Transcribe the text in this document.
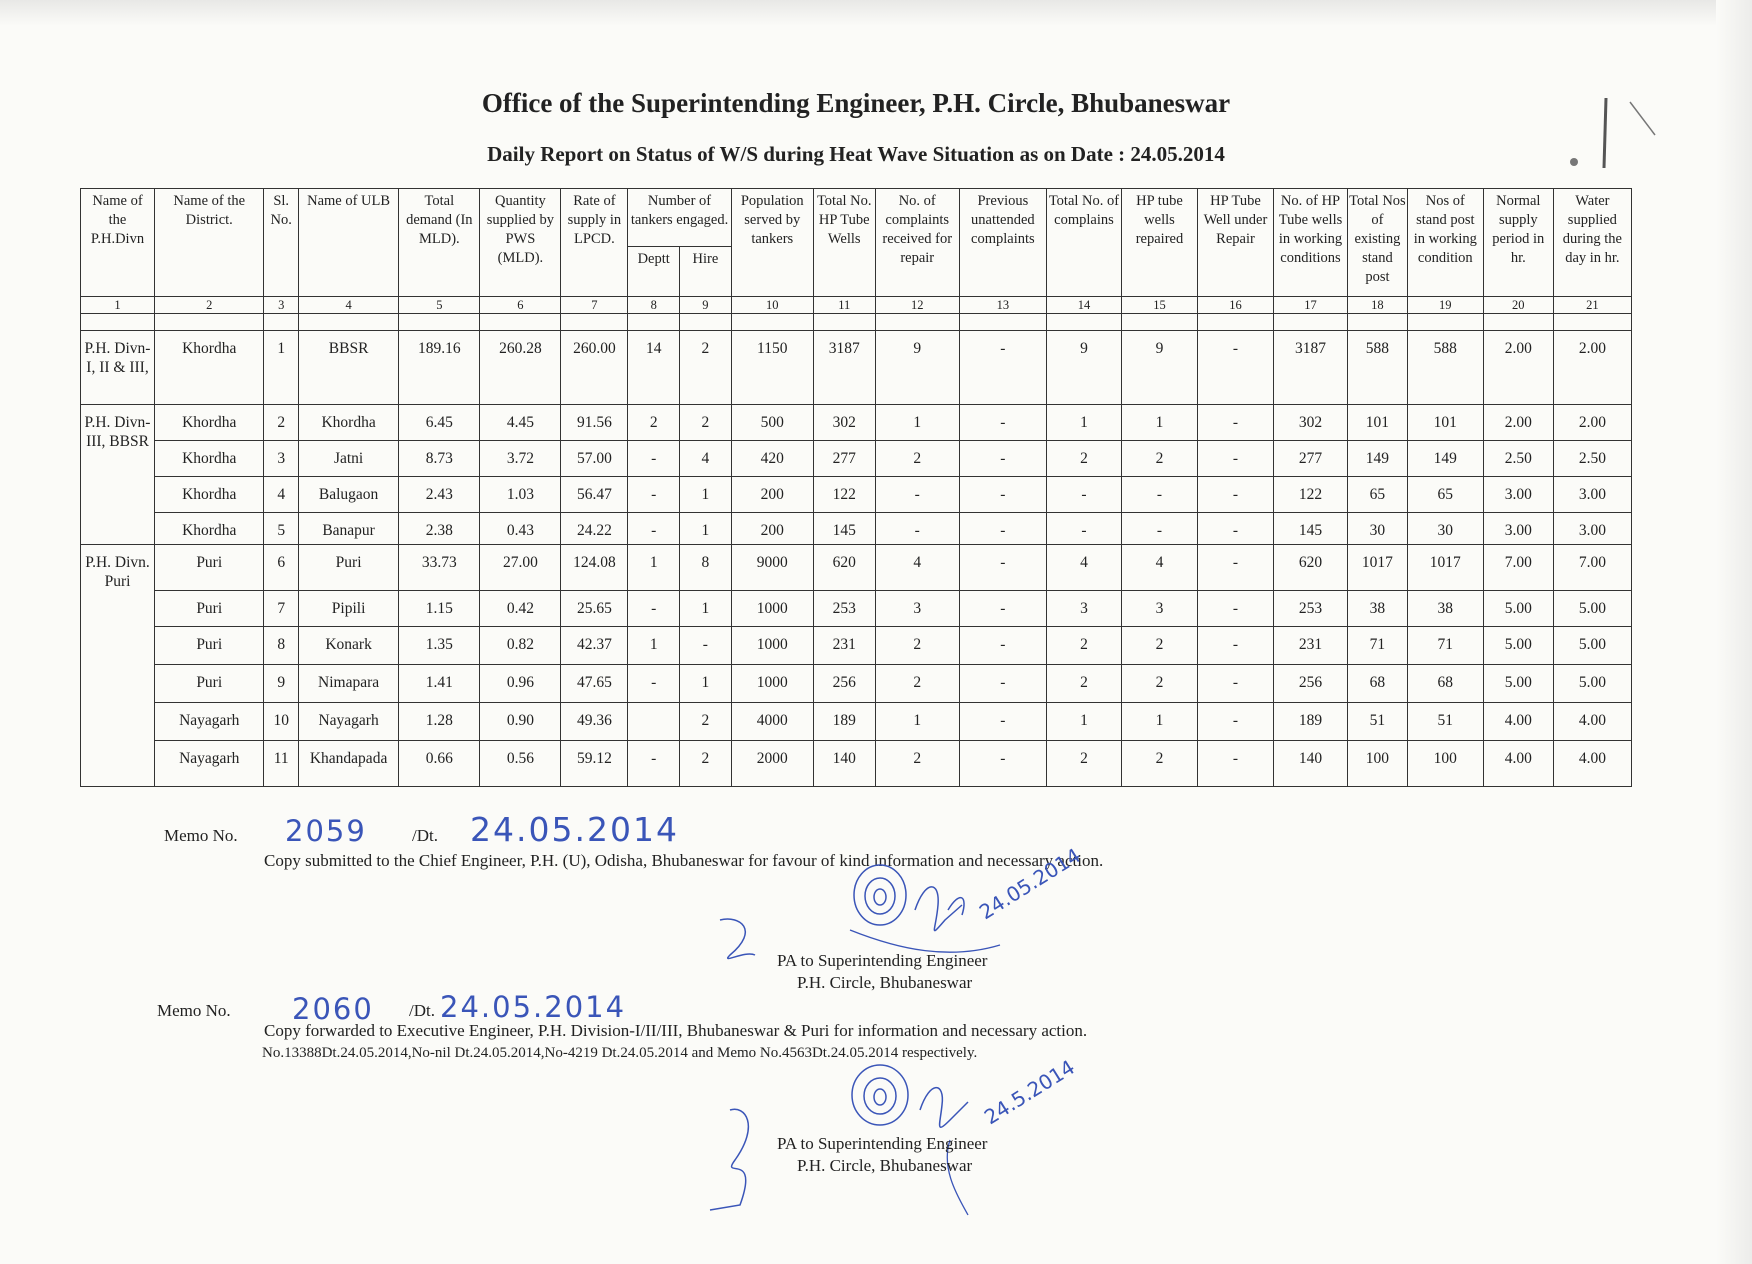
Office of the Superintending Engineer, P.H. Circle, Bhubaneswar
Daily Report on Status of W/S during Heat Wave Situation as on Date : 24.05.2014
Name of the P.H.Divn	Name of the District.	Sl. No.	Name of ULB	Total demand (In MLD).	Quantity supplied by PWS (MLD).	Rate of supply in LPCD.	Number of tankers engaged.		Population served by tankers	Total No. HP Tube Wells	No. of complaints received for repair	Previous unattended complaints	Total No. of complains	HP tube wells repaired	HP Tube Well under Repair	No. of HP Tube wells in working conditions	Total Nos of existing stand post	Nos of stand post in working condition	Normal supply period in hr.	Water supplied during the day in hr.
							Deptt	Hire												
1	2	3	4	5	6	7	8	9	10	11	12	13	14	15	16	17	18	19	20	21

P.H. Divn-I, II & III,	Khordha	1	BBSR	189.16	260.28	260.00	14	2	1150	3187	9	-	9	9	-	3187	588	588	2.00	2.00
P.H. Divn-III, BBSR	Khordha	2	Khordha	6.45	4.45	91.56	2	2	500	302	1	-	1	1	-	302	101	101	2.00	2.00
	Khordha	3	Jatni	8.73	3.72	57.00	-	4	420	277	2	-	2	2	-	277	149	149	2.50	2.50
	Khordha	4	Balugaon	2.43	1.03	56.47	-	1	200	122	-	-	-	-	-	122	65	65	3.00	3.00
	Khordha	5	Banapur	2.38	0.43	24.22	-	1	200	145	-	-	-	-	-	145	30	30	3.00	3.00
P.H. Divn. Puri	Puri	6	Puri	33.73	27.00	124.08	1	8	9000	620	4	-	4	4	-	620	1017	1017	7.00	7.00
	Puri	7	Pipili	1.15	0.42	25.65	-	1	1000	253	3	-	3	3	-	253	38	38	5.00	5.00
	Puri	8	Konark	1.35	0.82	42.37	1	-	1000	231	2	-	2	2	-	231	71	71	5.00	5.00
	Puri	9	Nimapara	1.41	0.96	47.65	-	1	1000	256	2	-	2	2	-	256	68	68	5.00	5.00
	Nayagarh	10	Nayagarh	1.28	0.90	49.36		2	4000	189	1	-	1	1	-	189	51	51	4.00	4.00
	Nayagarh	11	Khandapada	0.66	0.56	59.12	-	2	2000	140	2	-	2	2	-	140	100	100	4.00	4.00
Memo No. 2059	/Dt. 24.05.2014
Copy submitted to the Chief Engineer, P.H. (U), Odisha, Bhubaneswar for favour of kind information and necessary action.
24.05.2014
PA to Superintending Engineer
P.H. Circle, Bhubaneswar
Memo No. 2060 /Dt. 24.05.2014
Copy forwarded to Executive Engineer, P.H. Division-I/II/III, Bhubaneswar & Puri for information and necessary action.
No.13388Dt.24.05.2014,No-nil Dt.24.05.2014,No-4219 Dt.24.05.2014 and Memo No.4563Dt.24.05.2014 respectively.
24.5.2014
PA to Superintending Engineer
P.H. Circle, Bhubaneswar
